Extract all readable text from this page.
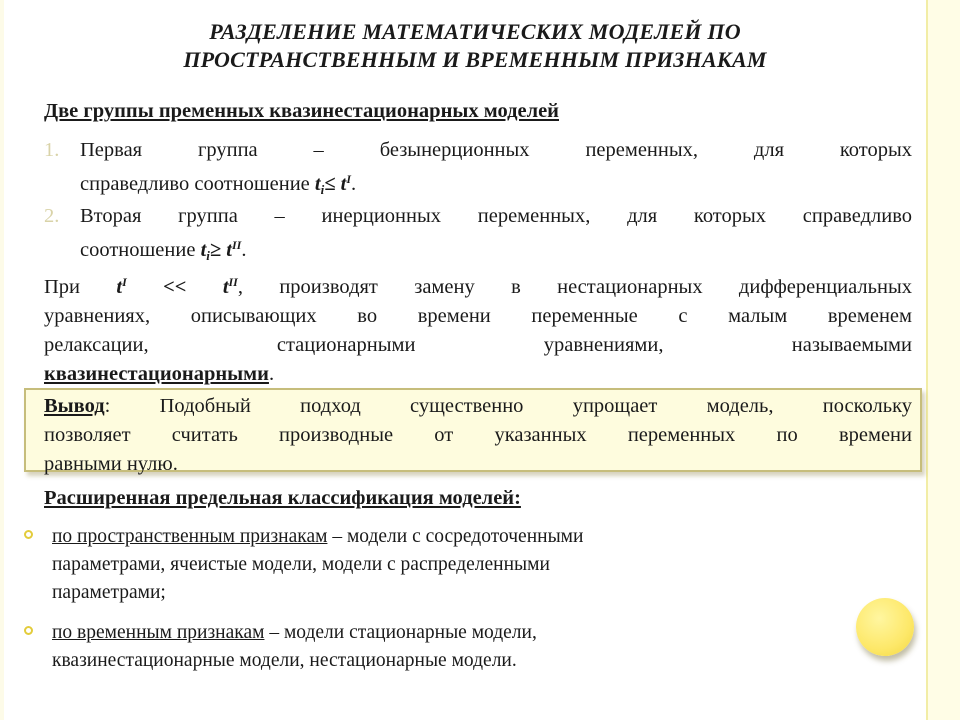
РАЗДЕЛЕНИЕ МАТЕМАТИЧЕСКИХ МОДЕЛЕЙ ПО
ПРОСТРАНСТВЕННЫМ И ВРЕМЕННЫМ ПРИЗНАКАМ
Две группы пременных квазинестационарных моделей
1. Первая группа – безынерционных переменных, для которых
справедливо соотношение $t_i\le t^I$.
2. Вторая группа – инерционных переменных, для которых справедливо
соотношение $t_i\ge t^{II}$.
При $t^I << t^{II}$, производят замену в нестационарных дифференциальных
уравнениях, описывающих во времени переменные с малым временем
релаксации, стационарными уравнениями, называемыми
квазинестационарными.
Вывод: Подобный подход существенно упрощает модель, поскольку
позволяет считать производные от указанных переменных по времени
равными нулю.
Расширенная предельная классификация моделей:
по пространственным признакам – модели с сосредоточенными
параметрами, ячеистые модели, модели с распределенными
параметрами;
по временным признакам – модели стационарные модели,
квазинестационарные модели, нестационарные модели.
